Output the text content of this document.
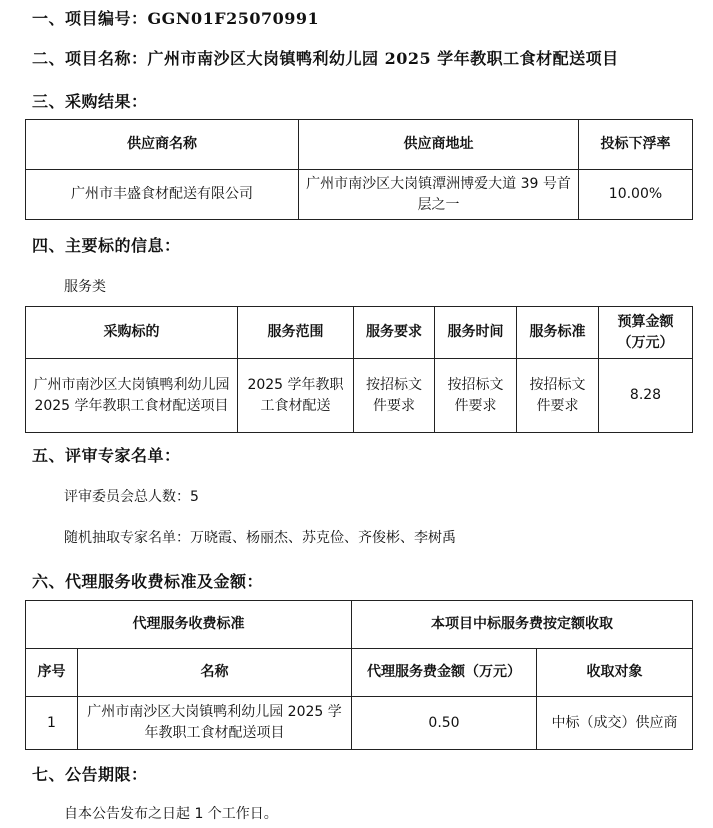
一、项目编号：GGN01F25070991
二、项目名称：广州市南沙区大岗镇鸭利幼儿园 2025 学年教职工食材配送项目
三、采购结果：
供应商名称	供应商地址	投标下浮率
广州市丰盛食材配送有限公司	广州市南沙区大岗镇潭洲博爱大道 39 号首层之一	10.00%
四、主要标的信息：
服务类
采购标的	服务范围	服务要求	服务时间	服务标准	预算金额（万元）
广州市南沙区大岗镇鸭利幼儿园 2025 学年教职工食材配送项目	2025 学年教职工食材配送	按招标文件要求	按招标文件要求	按招标文件要求	8.28
五、评审专家名单：
评审委员会总人数：5
随机抽取专家名单：万晓霞、杨丽杰、苏克俭、齐俊彬、李树禹
六、代理服务收费标准及金额：
代理服务收费标准		本项目中标服务费按定额收取	
序号	名称	代理服务费金额（万元）	收取对象
1	广州市南沙区大岗镇鸭利幼儿园 2025 学年教职工食材配送项目	0.50	中标（成交）供应商
七、公告期限：
自本公告发布之日起 1 个工作日。
